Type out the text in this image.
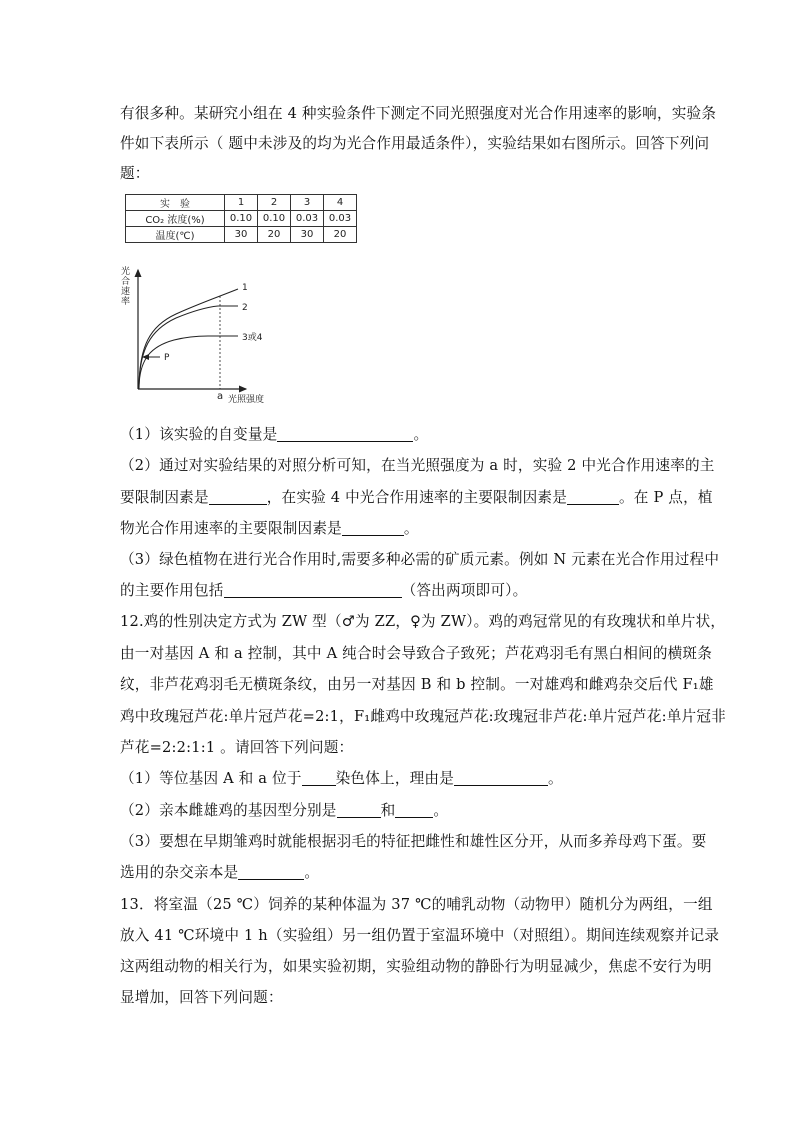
有很多种。某研究小组在 4 种实验条件下测定不同光照强度对光合作用速率的影响，实验条
件如下表所示（ 题中未涉及的均为光合作用最适条件），实验结果如右图所示。回答下列问
题：
实　验	1	2	3	4
CO₂ 浓度(%)	0.10	0.10	0.03	0.03
温度(℃)	30	20	30	20
光
合
速
率
光照强度
a
1
2
3或4
P
（1）该实验的自变量是	。
（2）通过对实验结果的对照分析可知，在当光照强度为 a 时，实验 2 中光合作用速率的主
要限制因素是	，在实验 4 中光合作用速率的主要限制因素是	。在 P 点，植
物光合作用速率的主要限制因素是	。
（3）绿色植物在进行光合作用时,需要多种必需的矿质元素。例如 N 元素在光合作用过程中
的主要作用包括	（答出两项即可）。
12.鸡的性别决定方式为 ZW 型（♂为 ZZ，♀为 ZW）。鸡的鸡冠常见的有玫瑰状和单片状，
由一对基因 A 和 a 控制，其中 A 纯合时会导致合子致死；芦花鸡羽毛有黑白相间的横斑条
纹，非芦花鸡羽毛无横斑条纹，由另一对基因 B 和 b 控制。一对雄鸡和雌鸡杂交后代 F₁雄
鸡中玫瑰冠芦花:单片冠芦花=2:1，F₁雌鸡中玫瑰冠芦花:玫瑰冠非芦花:单片冠芦花:单片冠非
芦花=2:2:1:1 。请回答下列问题：
（1）等位基因 A 和 a 位于 染色体上，理由是	。
（2）亲本雌雄鸡的基因型分别是	和	。
（3）要想在早期雏鸡时就能根据羽毛的特征把雌性和雄性区分开，从而多养母鸡下蛋。要
选用的杂交亲本是	。
13．将室温（25 ℃）饲养的某种体温为 37 ℃的哺乳动物（动物甲）随机分为两组，一组
放入 41 ℃环境中 1 h（实验组）另一组仍置于室温环境中（对照组）。期间连续观察并记录
这两组动物的相关行为，如果实验初期，实验组动物的静卧行为明显减少，焦虑不安行为明
显增加，回答下列问题：
